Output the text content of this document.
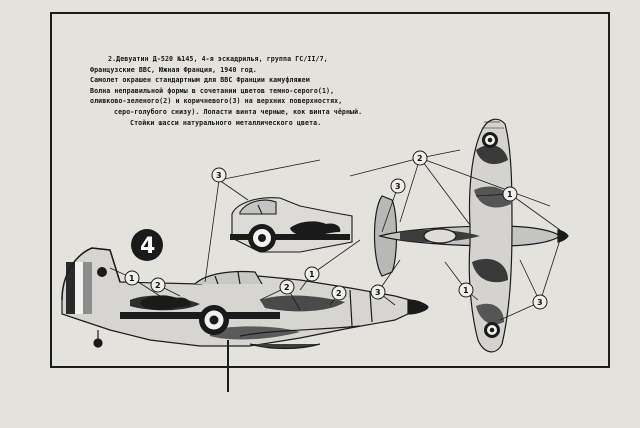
2.Девуатин Д-520 №145, 4-я эскадрилья, группа ГС/II/7,
Французские ВВС, Южная Франция, 1940 год.
Самолет окрашен стандартным для ВВС Франции камуфляжем
Волна неправильной формы в сочетании цветов темно-серого(1),
оливково-зеленого(2) и коричневого(3) на верхних поверхностях,
серо-голубого снизу). Лопасти винта черные, кок винта чёрный.
Стойки шасси натурального металлического цвета.
4
3
2
3
1
1
2	2
1
2	3	1
3
